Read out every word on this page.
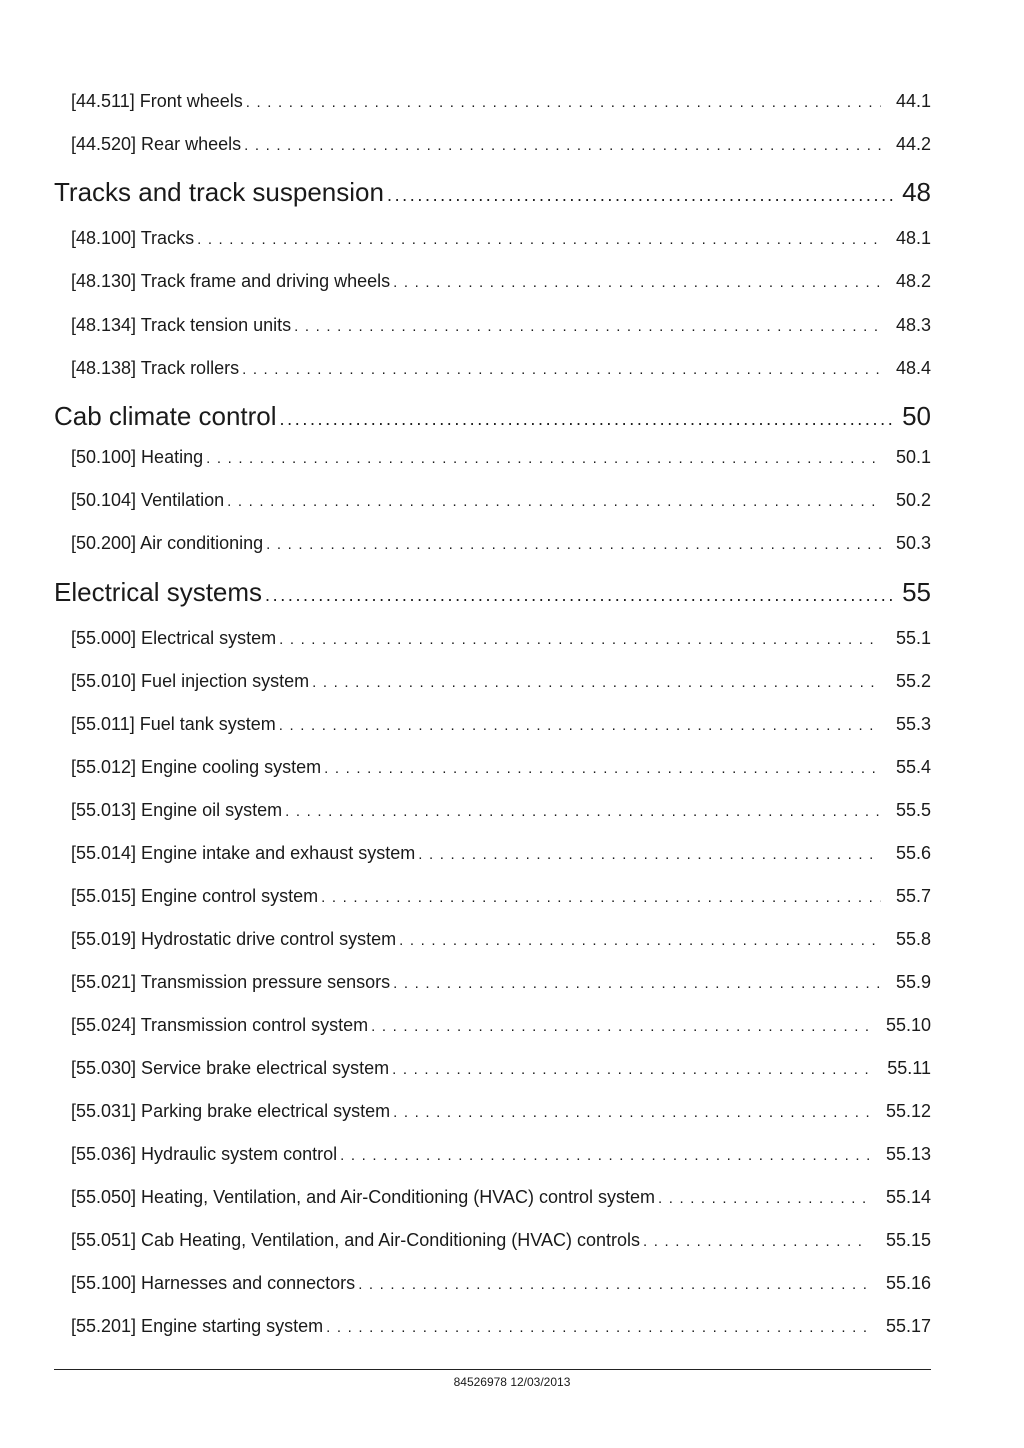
[44.511] Front wheels . . .	44.1
[44.520] Rear wheels . . .	44.2
Tracks and track suspension . . .	48
[48.100] Tracks . . .	48.1
[48.130] Track frame and driving wheels . . .	48.2
[48.134] Track tension units . . .	48.3
[48.138] Track rollers . . .	48.4
Cab climate control . . .	50
[50.100] Heating . . .	50.1
[50.104] Ventilation . . .	50.2
[50.200] Air conditioning . . .	50.3
Electrical systems . . .	55
[55.000] Electrical system . . .	55.1
[55.010] Fuel injection system . . .	55.2
[55.011] Fuel tank system . . .	55.3
[55.012] Engine cooling system . . .	55.4
[55.013] Engine oil system . . .	55.5
[55.014] Engine intake and exhaust system . . .	55.6
[55.015] Engine control system . . .	55.7
[55.019] Hydrostatic drive control system . . .	55.8
[55.021] Transmission pressure sensors . . .	55.9
[55.024] Transmission control system . . .	55.10
[55.030] Service brake electrical system . . .	55.11
[55.031] Parking brake electrical system . . .	55.12
[55.036] Hydraulic system control . . .	55.13
[55.050] Heating, Ventilation, and Air-Conditioning (HVAC) control system . . .	55.14
[55.051] Cab Heating, Ventilation, and Air-Conditioning (HVAC) controls . . .	55.15
[55.100] Harnesses and connectors . . .	55.16
[55.201] Engine starting system . . .	55.17
84526978 12/03/2013
